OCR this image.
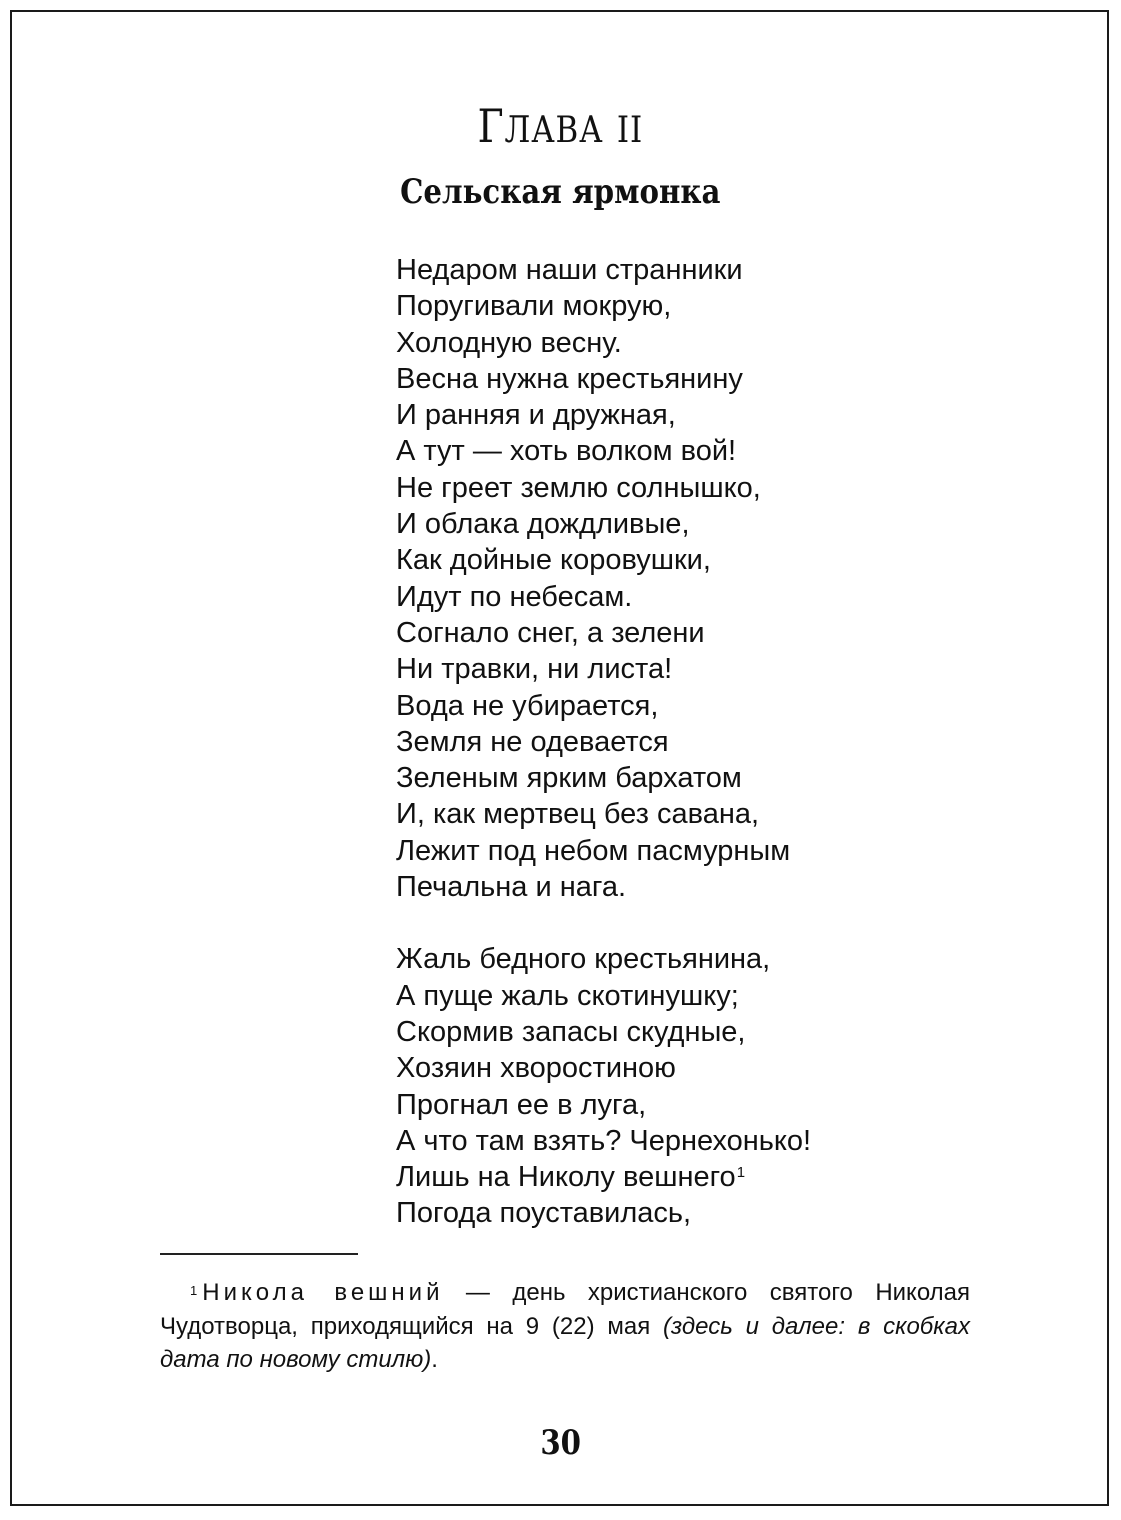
ГЛАВА II
Сельская ярмонка
Недаром наши странники
Поругивали мокрую,
Холодную весну.
Весна нужна крестьянину
И ранняя и дружная,
А тут — хоть волком вой!
Не греет землю солнышко,
И облака дождливые,
Как дойные коровушки,
Идут по небесам.
Согнало снег, а зелени
Ни травки, ни листа!
Вода не убирается,
Земля не одевается
Зеленым ярким бархатом
И, как мертвец без савана,
Лежит под небом пасмурным
Печальна и нага.
Жаль бедного крестьянина,
А пуще жаль скотинушку;
Скормив запасы скудные,
Хозяин хворостиною
Прогнал ее в луга,
А что там взять? Чернехонько!
Лишь на Николу вешнего$^1$
Погода поуставилась,
$^1$ Никола вешний — день христианского святого Николая Чудотворца, приходящийся на 9 (22) мая (здесь и далее: в скобках дата по новому стилю).
30
